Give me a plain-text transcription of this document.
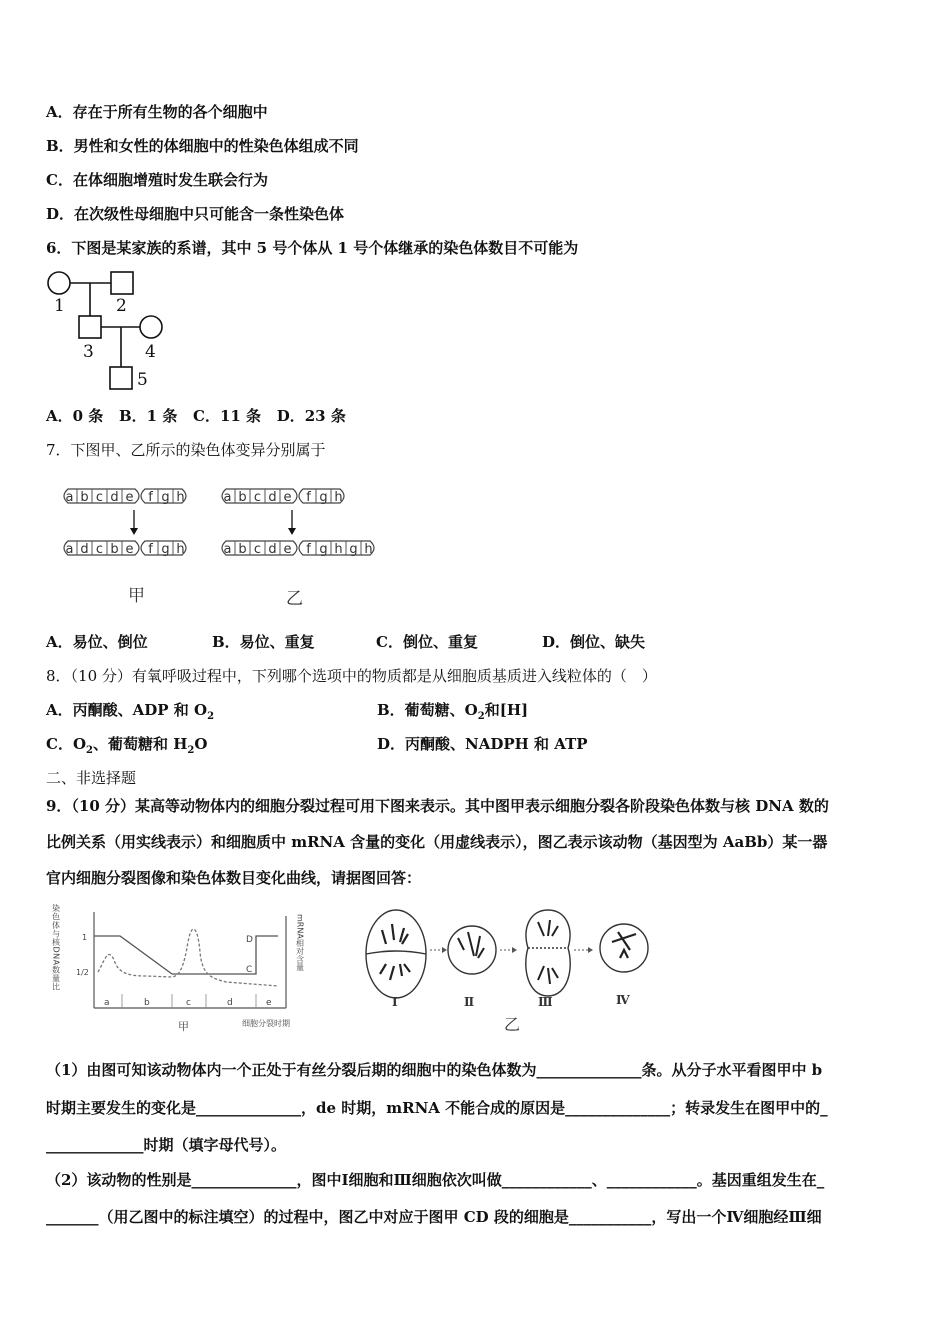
A．存在于所有生物的各个细胞中
B．男性和女性的体细胞中的性染色体组成不同
C．在体细胞增殖时发生联会行为
D．在次级性母细胞中只可能含一条性染色体
6．下图是某家族的系谱，其中 5 号个体从 1 号个体继承的染色体数目不可能为
1	2
3	4
5
A．0 条 B．1 条 C．11 条 D．23 条
7．下图甲、乙所示的染色体变异分别属于
a b c d e f g h
a d c b e f g h
a b c d e f g h
a b c d e f g h g h
甲	乙
A．易位、倒位	B．易位、重复	C．倒位、重复	D．倒位、缺失
8．（10 分）有氧呼吸过程中，下列哪个选项中的物质都是从细胞质基质进入线粒体的（　）
A．丙酮酸、ADP 和 $O_2$	B．葡萄糖、$O_2$和[H]
C．$O_2$、葡萄糖和 $H_2O$	D．丙酮酸、NADPH 和 ATP
二、非选择题
9．（10 分）某高等动物体内的细胞分裂过程可用下图来表示。其中图甲表示细胞分裂各阶段染色体数与核 DNA 数的
比例关系（用实线表示）和细胞质中 mRNA 含量的变化（用虚线表示），图乙表示该动物（基因型为 AaBb）某一器
官内细胞分裂图像和染色体数目变化曲线，请据图回答：
染色体与核DNA数量比	mRNA相对含量
1
1/2
a	b	c	d	e
D
C
细胞分裂时期
甲
Ⅰ	Ⅱ	Ⅲ	Ⅳ
乙
（1）由图可知该动物体内一个正处于有丝分裂后期的细胞中的染色体数为______________条。从分子水平看图甲中 b
时期主要发生的变化是______________，de 时期，mRNA 不能合成的原因是______________；转录发生在图甲中的_
_____________时期（填字母代号）。
（2）该动物的性别是______________，图中Ⅰ细胞和Ⅲ细胞依次叫做____________、____________。基因重组发生在_
_______（用乙图中的标注填空）的过程中，图乙中对应于图甲 CD 段的细胞是___________，写出一个Ⅳ细胞经Ⅲ细
